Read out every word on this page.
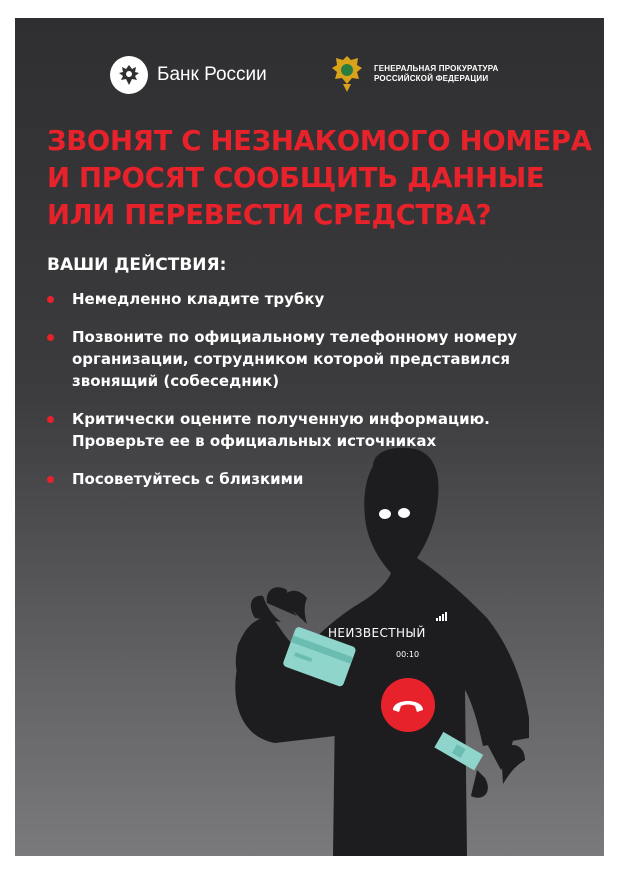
Банк России	ГЕНЕРАЛЬНАЯ ПРОКУРАТУРА
РОССИЙСКОЙ ФЕДЕРАЦИИ
ЗВОНЯТ С НЕЗНАКОМОГО НОМЕРА
И ПРОСЯТ СООБЩИТЬ ДАННЫЕ
ИЛИ ПЕРЕВЕСТИ СРЕДСТВА?
ВАШИ ДЕЙСТВИЯ:
Немедленно кладите трубку
Позвоните по официальному телефонному номеру
организации, сотрудником которой представился
звонящий (собеседник)
Критически оцените полученную информацию.
Проверьте ее в официальных источниках
Посоветуйтесь с близкими
НЕИЗВЕСТНЫЙ
00:10
